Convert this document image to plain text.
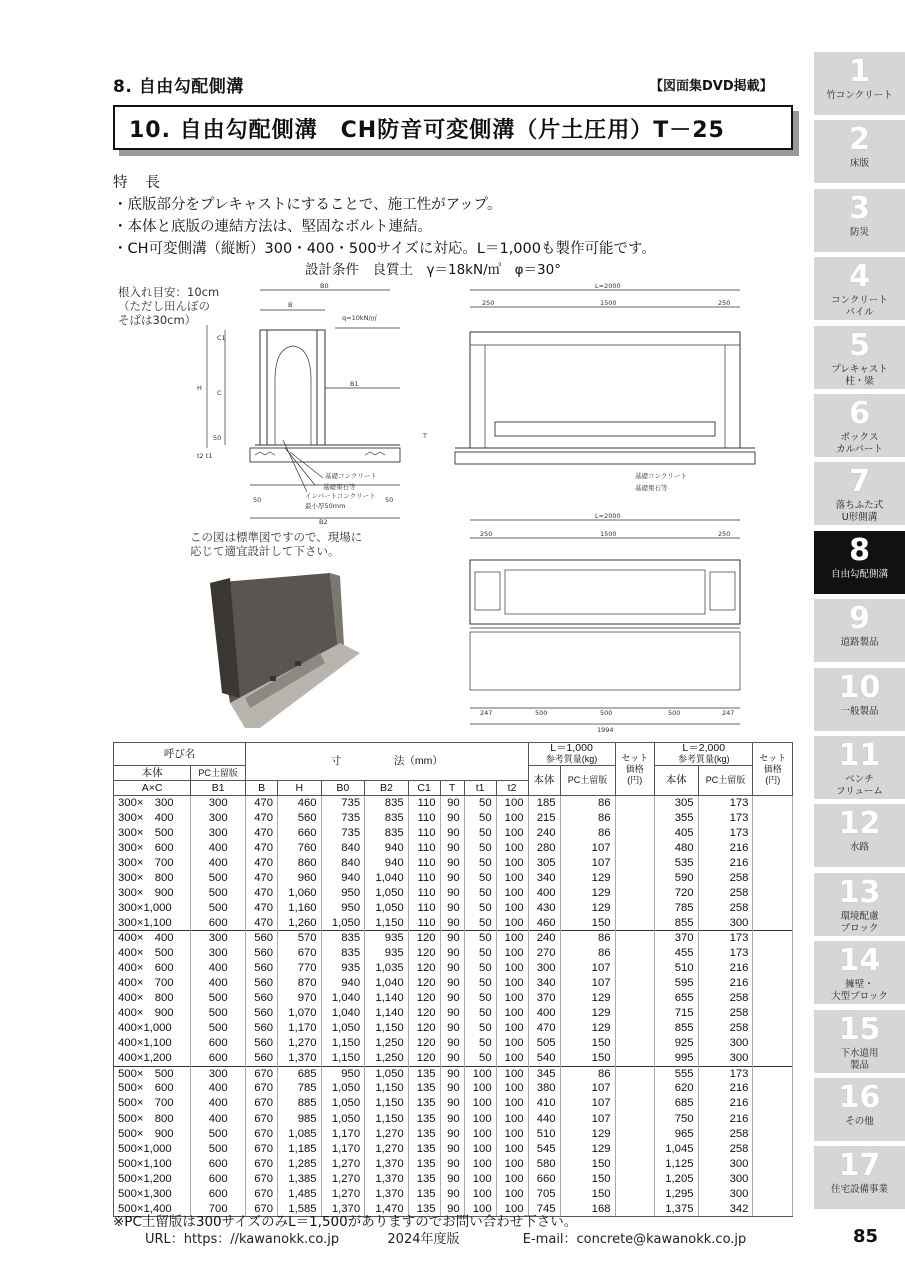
8. 自由勾配側溝	【図面集DVD掲載】
10. 自由勾配側溝　CH防音可変側溝（片土圧用）T－25
特長
・底版部分をプレキャストにすることで、施工性がアップ。
・本体と底版の連結方法は、堅固なボルト連結。
・CH可変側溝（縦断）300・400・500サイズに対応。L＝1,000も製作可能です。
設計条件　良質土　γ＝18kN/㎥　φ＝30°
根入れ目安：10cm
（ただし田んぼの
そばは30cm）
B0
B
q=10kN/㎡
B1
C1
H
C
T
t2 t1
50	50
50
B2
基礎コンクリート
基礎栗石等
インバートコンクリート
最小厚50mm
L=2000
250	1500	250
基礎コンクリート
基礎栗石等
L=2000
250	1500	250
247	500	500	500	247
1994
この図は標準図ですので、現場に
応じて適宜設計して下さい。
1
竹コンクリート
2
床版
3
防災
4
コンクリート
パイル
5
プレキャスト
柱・梁
6
ボックス
カルバート
7
落ちふた式
U形側溝
8
自由勾配側溝
9
道路製品
10
一般製品
11
ベンチ
フリューム
12
水路
13
環境配慮
ブロック
14
擁壁・
大型ブロック
15
下水道用
製品
16
その他
17
住宅設備事業
呼び名		寸　　　　　法（mm）								L＝1,000
参考質量(kg)		セット
価格
(円)	L＝2,000
参考質量(kg)		セット
価格
(円)
本体	PC土留版									本体	PC土留版		本体	PC土留版	
A×C	B1	B	H	B0	B2	C1	T	t1	t2						
300×　300	300	470	460	735	835	110	90	50	100	185	86		305	173	
300×　400	300	470	560	735	835	110	90	50	100	215	86		355	173	
300×　500	300	470	660	735	835	110	90	50	100	240	86		405	173	
300×　600	400	470	760	840	940	110	90	50	100	280	107		480	216	
300×　700	400	470	860	840	940	110	90	50	100	305	107		535	216	
300×　800	500	470	960	940	1,040	110	90	50	100	340	129		590	258	
300×　900	500	470	1,060	950	1,050	110	90	50	100	400	129		720	258	
300×1,000	500	470	1,160	950	1,050	110	90	50	100	430	129		785	258	
300×1,100	600	470	1,260	1,050	1,150	110	90	50	100	460	150		855	300	
400×　400	300	560	570	835	935	120	90	50	100	240	86		370	173	
400×　500	300	560	670	835	935	120	90	50	100	270	86		455	173	
400×　600	400	560	770	935	1,035	120	90	50	100	300	107		510	216	
400×　700	400	560	870	940	1,040	120	90	50	100	340	107		595	216	
400×　800	500	560	970	1,040	1,140	120	90	50	100	370	129		655	258	
400×　900	500	560	1,070	1,040	1,140	120	90	50	100	400	129		715	258	
400×1,000	500	560	1,170	1,050	1,150	120	90	50	100	470	129		855	258	
400×1,100	600	560	1,270	1,150	1,250	120	90	50	100	505	150		925	300	
400×1,200	600	560	1,370	1,150	1,250	120	90	50	100	540	150		995	300	
500×　500	300	670	685	950	1,050	135	90	100	100	345	86		555	173	
500×　600	400	670	785	1,050	1,150	135	90	100	100	380	107		620	216	
500×　700	400	670	885	1,050	1,150	135	90	100	100	410	107		685	216	
500×　800	400	670	985	1,050	1,150	135	90	100	100	440	107		750	216	
500×　900	500	670	1,085	1,170	1,270	135	90	100	100	510	129		965	258	
500×1,000	500	670	1,185	1,170	1,270	135	90	100	100	545	129		1,045	258	
500×1,100	600	670	1,285	1,270	1,370	135	90	100	100	580	150		1,125	300	
500×1,200	600	670	1,385	1,270	1,370	135	90	100	100	660	150		1,205	300	
500×1,300	600	670	1,485	1,270	1,370	135	90	100	100	705	150		1,295	300	
500×1,400	700	670	1,585	1,370	1,470	135	90	100	100	745	168		1,375	342	
※PC土留版は300サイズのみL＝1,500がありますのでお問い合わせ下さい。
URL：https：//kawanokk.co.jp	2024年度版	E-mail：concrete@kawanokk.co.jp	85
